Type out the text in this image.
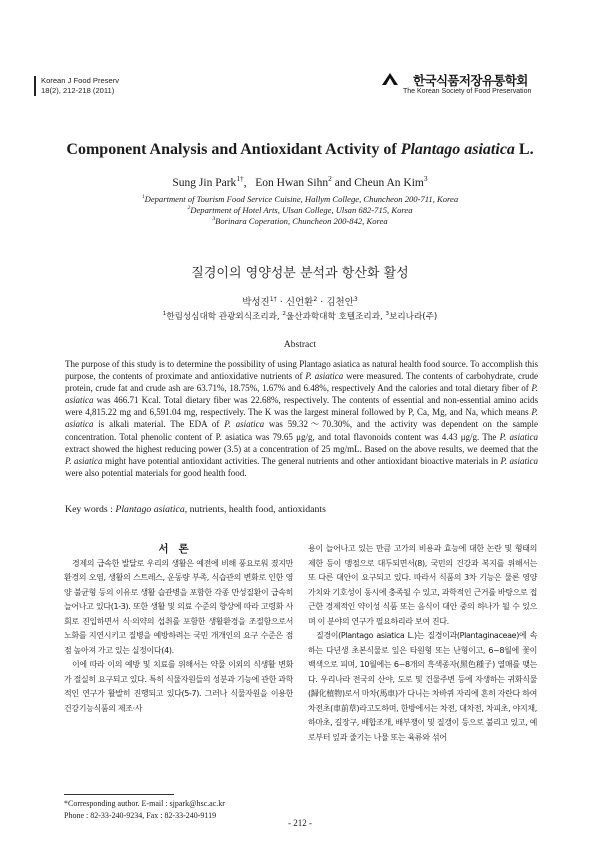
Korean J Food Preserv
18(2), 212-218 (2011)
한국식품저장유통학회
The Korean Society of Food Preservation
Component Analysis and Antioxidant Activity of Plantago asiatica L.
Sung Jin Park$^{1\dagger}$, Eon Hwan Sihn$^2$ and Cheun An Kim$^3$
$^1$Department of Tourism Food Service Cuisine, Hallym College, Chuncheon 200-711, Korea
$^2$Department of Hotel Arts, Ulsan College, Ulsan 682-715, Korea
$^3$Borinara Coperation, Chuncheon 200-842, Korea
질경이의 영양성분 분석과 항산화 활성
박성진$^{1\dagger}$ · 신언환$^2$ · 김천안$^3$
$^1$한림성심대학 관광외식조리과, $^2$울산과학대학 호텔조리과, $^3$보리나라(주)
Abstract
The purpose of this study is to determine the possibility of using Plantago asiatica as natural health food source. To accomplish this purpose, the contents of proximate and antioxidative nutrients of P. asiatica were measured. The contents of carbohydrate, crude protein, crude fat and crude ash are 63.71%, 18.75%, 1.67% and 6.48%, respectively And the calories and total dietary fiber of P. asiatica was 466.71 Kcal. Total dietary fiber was 22.68%, respectively. The contents of essential and non-essential amino acids were 4,815.22 mg and 6,591.04 mg, respectively. The K was the largest mineral followed by P, Ca, Mg, and Na, which means P. asiatica is alkali material. The EDA of P. asiatica was 59.32～70.30%, and the activity was dependent on the sample concentration. Total phenolic content of P. asiatica was 79.65 μg/g, and total flavonoids content was 4.43 μg/g. The P. asiatica extract showed the highest reducing power (3.5) at a concentration of 25 mg/mL. Based on the above results, we deemed that the P. asiatica might have potential antioxidant activities. The general nutrients and other antioxidant bioactive materials in P. asiatica were also potential materials for good health food.
Key words : Plantago asiatica, nutrients, health food, antioxidants

서론

경제의 급속한 발달로 우리의 생활은 예전에 비해 풍요로워 졌지만 환경의 오염, 생활의 스트레스, 운동량 부족, 식습관의 변화로 인한 영양 불균형 등의 이유로 생활 습관병을 포함한 각종 만성질환이 급속히 늘어나고 있다(1-3). 또한 생활 및 의료 수준의 향상에 따라 고령화 사회로 진입하면서 식·의약의 섭취를 포함한 생활환경을 조절함으로서 노화를 지연시키고 질병을 예방하려는 국민 개개인의 요구 수준은 점점 높아져 가고 있는 실정이다(4).

이에 따라 이의 예방 및 치료를 위해서는 약물 이외의 식생활 변화가 절실히 요구되고 있다. 특히 식물자원들의 성분과 기능에 관한 과학적인 연구가 활발히 진행되고 있다(5-7). 그러나 식물자원을 이용한 건강기능식품의 제조·사

용이 늘어나고 있는 만큼 고가의 비용과 효능에 대한 논란 및 형태의 제한 등이 맹점으로 대두되면서(8), 국민의 건강과 복지를 위해서는 또 다른 대안이 요구되고 있다. 따라서 식품의 3차 기능은 물론 영양 가치와 기호성이 동시에 충족될 수 있고, 과학적인 근거를 바탕으로 접근한 경제적인 약이성 식품 또는 음식이 대안 중의 하나가 될 수 있으며 이 분야의 연구가 필요하리라 보여 진다.

질경이(Plantago asiatica L.)는 질경이과(Plantaginaceae)에 속하는 다년생 초본식물로 잎은 타원형 또는 난형이고, 6~8월에 꽃이 백색으로 피며, 10월에는 6~8개의 흑색종자(黑色種子) 열매를 맺는다. 우리나라 전국의 산야, 도로 및 건물주변 등에 자생하는 귀화식물(歸化植物)로서 마차(馬車)가 다니는 차바퀴 자리에 흔히 자란다 하여 차전초(車前草)라고도하며, 한방에서는 차전, 대차전, 차피초, 야지채, 하마초, 길장구, 배합조개, 배부쟁이 및 질갱이 등으로 불리고 있고, 예로부터 잎과 줄기는 나물 또는 육류와 섞어

*Corresponding author. E-mail : sjpark@hsc.ac.kr
Phone : 82-33-240-9234, Fax : 82-33-240-9119
- 212 -
